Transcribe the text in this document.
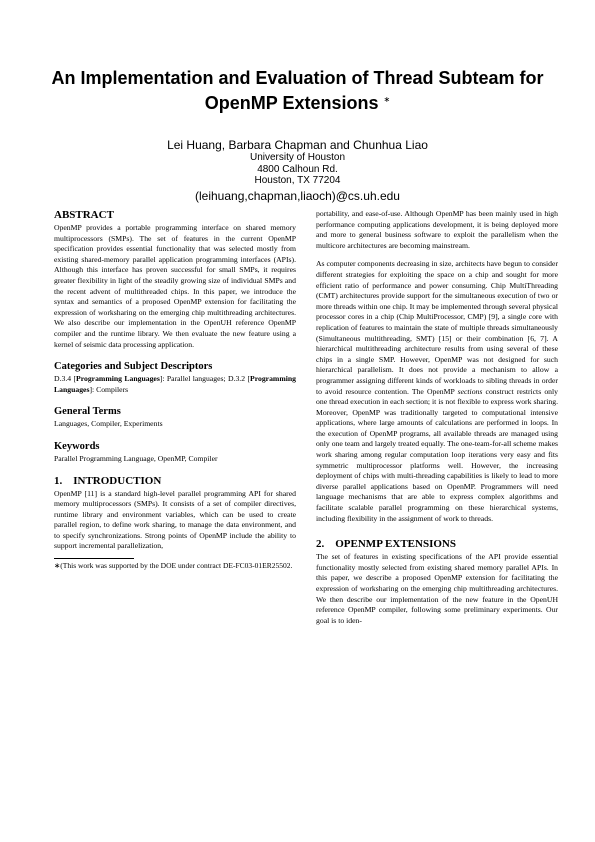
An Implementation and Evaluation of Thread Subteam for OpenMP Extensions ∗
Lei Huang, Barbara Chapman and Chunhua Liao
University of Houston
4800 Calhoun Rd.
Houston, TX 77204
(leihuang,chapman,liaoch)@cs.uh.edu
ABSTRACT

OpenMP provides a portable programming interface on shared memory multiprocessors (SMPs). The set of features in the current OpenMP specification provides essential functionality that was selected mostly from existing shared-memory parallel application programming interfaces (APIs). Although this interface has proven successful for small SMPs, it requires greater flexibility in light of the steadily growing size of individual SMPs and the recent advent of multithreaded chips. In this paper, we introduce the syntax and semantics of a proposed OpenMP extension for facilitating the expression of worksharing on the emerging chip multithreading architectures. We also describe our implementation in the OpenUH reference OpenMP compiler and the runtime library. We then evaluate the new feature using a kernel of seismic data processing application.

Categories and Subject Descriptors

D.3.4 [Programming Languages]: Parallel languages; D.3.2 [Programming Languages]: Compilers

General Terms

Languages, Compiler, Experiments

Keywords

Parallel Programming Language, OpenMP, Compiler

1.    INTRODUCTION

OpenMP [11] is a standard high-level parallel programming API for shared memory multiprocessors (SMPs). It consists of a set of compiler directives, runtime library and environment variables, which can be used to create parallel region, to define work sharing, to manage the data environment, and to specify synchronizations. Strong points of OpenMP include the ability to support incremental parallelization,

∗(This work was supported by the DOE under contract DE-FC03-01ER25502.

portability, and ease-of-use. Although OpenMP has been mainly used in high performance computing applications development, it is being deployed more and more to general business software to exploit the parallelism when the multicore architectures are becoming mainstream.

As computer components decreasing in size, architects have begun to consider different strategies for exploiting the space on a chip and sought for more efficient ratio of performance and power consuming. Chip MultiThreading (CMT) architectures provide support for the simultaneous execution of two or more threads within one chip. It may be implemented through several physical processor cores in a chip (Chip MultiProcessor, CMP) [9], a single core with replication of features to maintain the state of multiple threads simultaneously (Simultaneous multithreading, SMT) [15] or their combination [6, 7]. A hierarchical multithreading architecture results from using several of these chips in a single SMP. However, OpenMP was not designed for such hierarchical parallelism. It does not provide a mechanism to allow a programmer assigning different kinds of workloads to sibling threads in order to avoid resource contention. The OpenMP sections construct restricts only one thread execution in each section; it is not flexible to express work sharing. Moreover, OpenMP was traditionally targeted to computational intensive applications, where large amounts of calculations are performed in loops. In the execution of OpenMP programs, all available threads are managed using only one team and largely treated equally. The one-team-for-all scheme makes work sharing among regular computation loop iterations very easy and fits symmetric multiprocessor platforms well. However, the increasing deployment of chips with multi-threading capabilities is likely to lead to more diverse parallel applications based on OpenMP. Programmers will need language mechanisms that are able to express complex algorithms and facilitate scalable parallel programming on these hierarchical systems, including flexibility in the assignment of work to threads.

2.    OPENMP EXTENSIONS

The set of features in existing specifications of the API provide essential functionality mostly selected from existing shared memory parallel APIs. In this paper, we describe a proposed OpenMP extension for facilitating the expression of worksharing on the emerging chip multithreading architectures. We then describe our implementation of the new feature in the OpenUH reference OpenMP compiler, following some preliminary experiments. Our goal is to iden-
